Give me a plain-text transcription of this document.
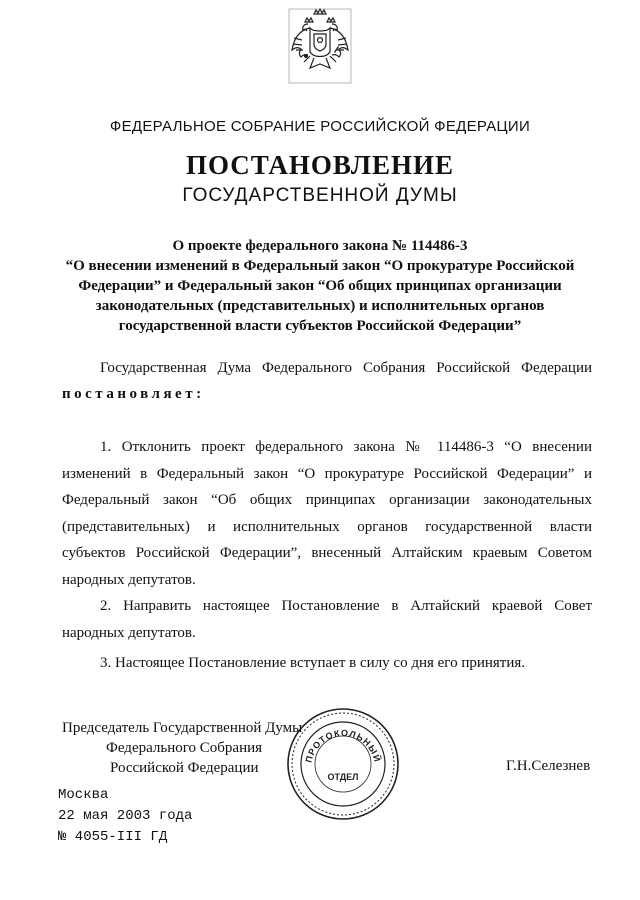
ФЕДЕРАЛЬНОЕ СОБРАНИЕ РОССИЙСКОЙ ФЕДЕРАЦИИ
ПОСТАНОВЛЕНИЕ
ГОСУДАРСТВЕННОЙ ДУМЫ
О проекте федерального закона № 114486-3
“О внесении изменений в Федеральный закон “О прокуратуре Российской
Федерации” и Федеральный закон “Об общих принципах организации
законодательных (представительных) и исполнительных органов
государственной власти субъектов Российской Федерации”
Государственная Дума Федерального Собрания Российской Федерации
постановляет:
1. Отклонить проект федерального закона № 114486-3 “О внесении
изменений в Федеральный закон “О прокуратуре Российской Федерации” и
Федеральный закон “Об общих принципах организации законодательных
(представительных) и исполнительных органов государственной власти
субъектов Российской Федерации”, внесенный Алтайским краевым Советом
народных депутатов.
2. Направить настоящее Постановление в Алтайский краевой Совет
народных депутатов.
3. Настоящее Постановление вступает в силу со дня его принятия.
Председатель Государственной Думы
Федерального Собрания
Российской Федерации
ПРОТОКОЛЬНЫЙ
ОТДЕЛ
Г.Н.Селезнев
Москва
22 мая 2003 года
№ 4055-III ГД
